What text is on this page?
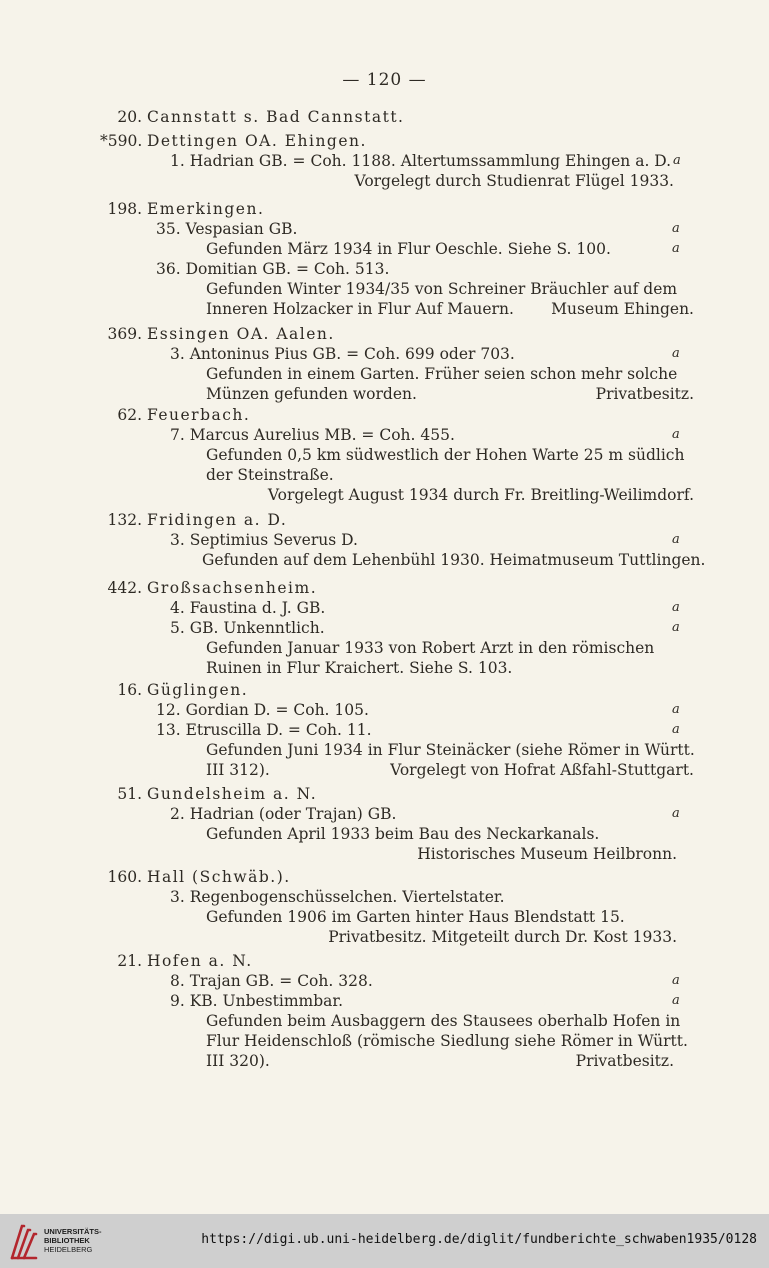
— 120 —
20. Cannstatt s. Bad Cannstatt.
*590. Dettingen OA. Ehingen.
1. Hadrian GB. = Coh. 1188. Altertumssammlung Ehingen a. D. a
Vorgelegt durch Studienrat Flügel 1933.
198. Emerkingen.
35. Vespasian GB.	a
Gefunden März 1934 in Flur Oeschle. Siehe S. 100.	a
36. Domitian GB. = Coh. 513.
Gefunden Winter 1934/35 von Schreiner Bräuchler auf dem
Inneren Holzacker in Flur Auf Mauern. Museum Ehingen.
369. Essingen OA. Aalen.
3. Antoninus Pius GB. = Coh. 699 oder 703.	a
Gefunden in einem Garten. Früher seien schon mehr solche
Münzen gefunden worden.	Privatbesitz.
62. Feuerbach.
7. Marcus Aurelius MB. = Coh. 455.	a
Gefunden 0,5 km südwestlich der Hohen Warte 25 m südlich
der Steinstraße.
Vorgelegt August 1934 durch Fr. Breitling-Weilimdorf.
132. Fridingen a. D.
3. Septimius Severus D.	a
Gefunden auf dem Lehenbühl 1930. Heimatmuseum Tuttlingen.
442. Großsachsenheim.
4. Faustina d. J. GB.	a
5. GB. Unkenntlich.	a
Gefunden Januar 1933 von Robert Arzt in den römischen
Ruinen in Flur Kraichert. Siehe S. 103.
16. Güglingen.
12. Gordian D. = Coh. 105.	a
13. Etruscilla D. = Coh. 11.	a
Gefunden Juni 1934 in Flur Steinäcker (siehe Römer in Württ.
III 312).	Vorgelegt von Hofrat Aßfahl-Stuttgart.
51. Gundelsheim a. N.
2. Hadrian (oder Trajan) GB.	a
Gefunden April 1933 beim Bau des Neckarkanals.
Historisches Museum Heilbronn.
160. Hall (Schwäb.).
3. Regenbogenschüsselchen. Viertelstater.
Gefunden 1906 im Garten hinter Haus Blendstatt 15.
Privatbesitz. Mitgeteilt durch Dr. Kost 1933.
21. Hofen a. N.
8. Trajan GB. = Coh. 328.	a
9. KB. Unbestimmbar.	a
Gefunden beim Ausbaggern des Stausees oberhalb Hofen in
Flur Heidenschloß (römische Siedlung siehe Römer in Württ.
III 320).	Privatbesitz.
UNIVERSITÄTS-
BIBLIOTHEK
HEIDELBERG
https://digi.ub.uni-heidelberg.de/diglit/fundberichte_schwaben1935/0128
